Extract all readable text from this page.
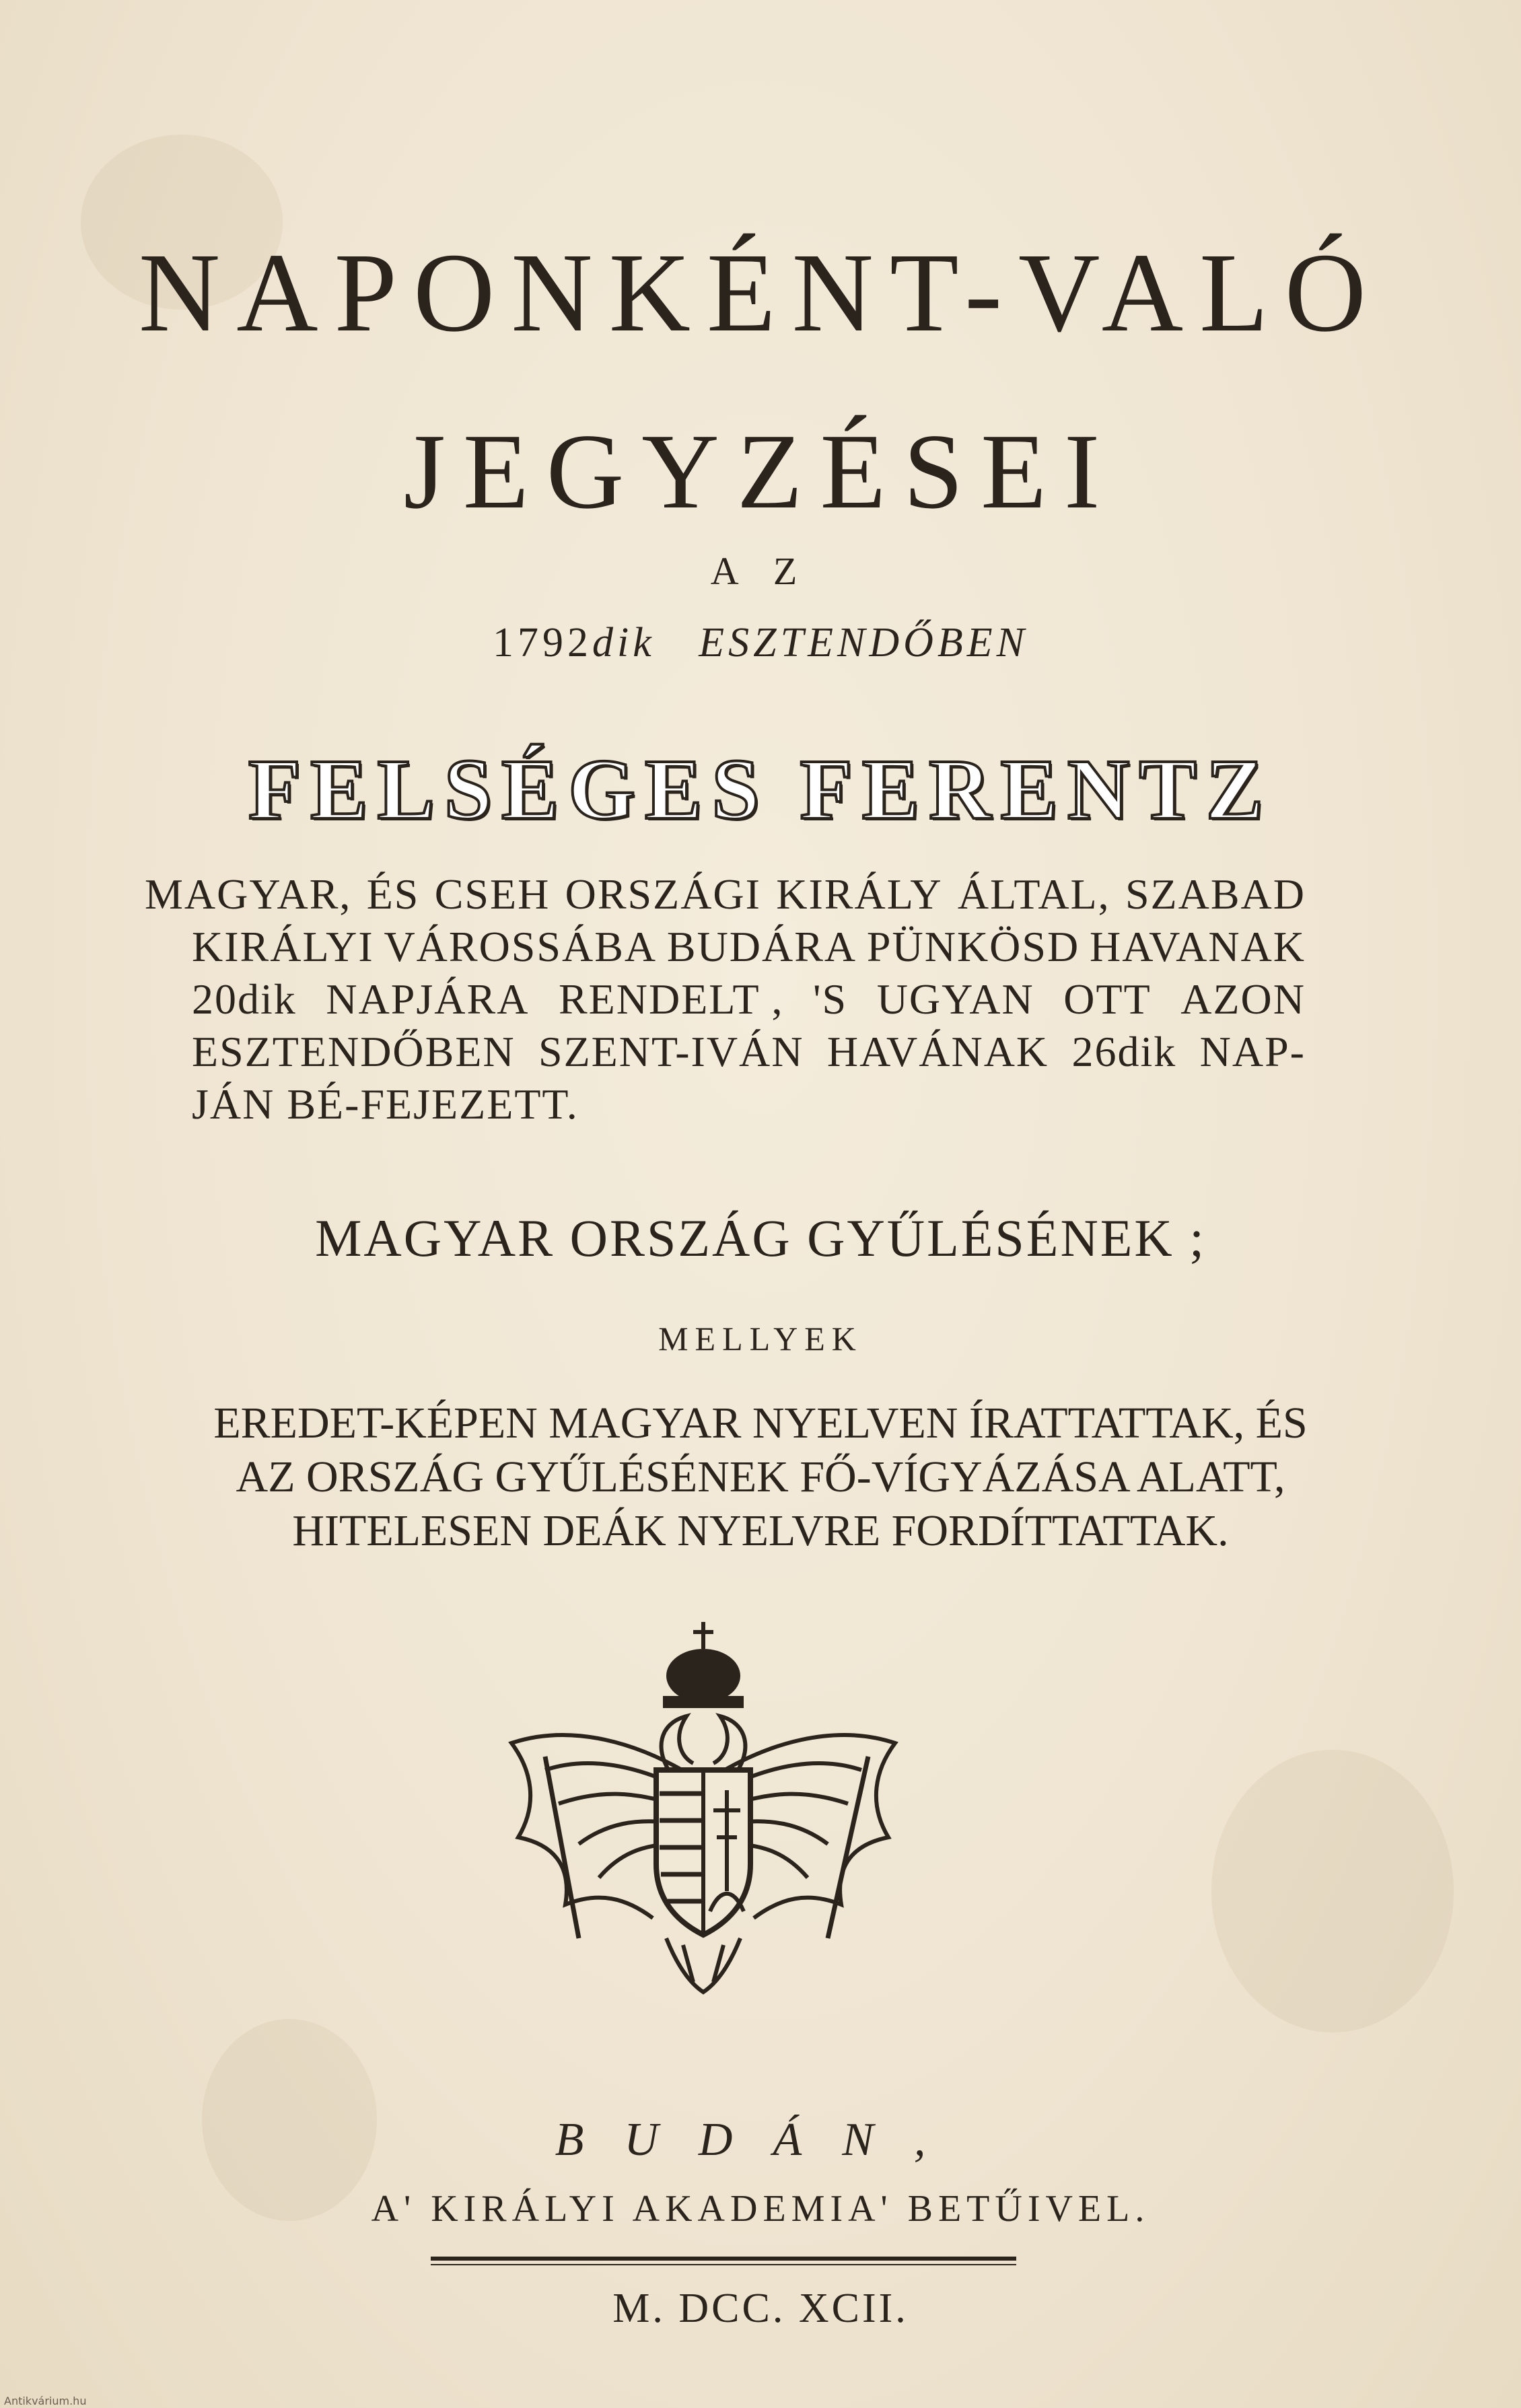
NAPONKÉNT-VALÓ
JEGYZÉSEI
A Z
1792dik ESZTENDŐBEN
FELSÉGES FERENTZ
MAGYAR, ÉS CSEH ORSZÁGI KIRÁLY ÁLTAL, SZABAD
KIRÁLYI VÁROSSÁBA BUDÁRA PÜNKÖSD HAVANAK
20dik NAPJÁRA RENDELT , 'S UGYAN OTT AZON
ESZTENDŐBEN SZENT-IVÁN HAVÁNAK 26dik NAP-
JÁN BÉ-FEJEZETT.
MAGYAR ORSZÁG GYŰLÉSÉNEK ;
MELLYEK
EREDET-KÉPEN MAGYAR NYELVEN ÍRATTATTAK, ÉS
AZ ORSZÁG GYŰLÉSÉNEK FŐ-VÍGYÁZÁSA ALATT,
HITELESEN DEÁK NYELVRE FORDÍTTATTAK.
BUDÁN,
A' KIRÁLYI AKADEMIA' BETŰIVEL.
M. DCC. XCII.
Antikvárium.hu
